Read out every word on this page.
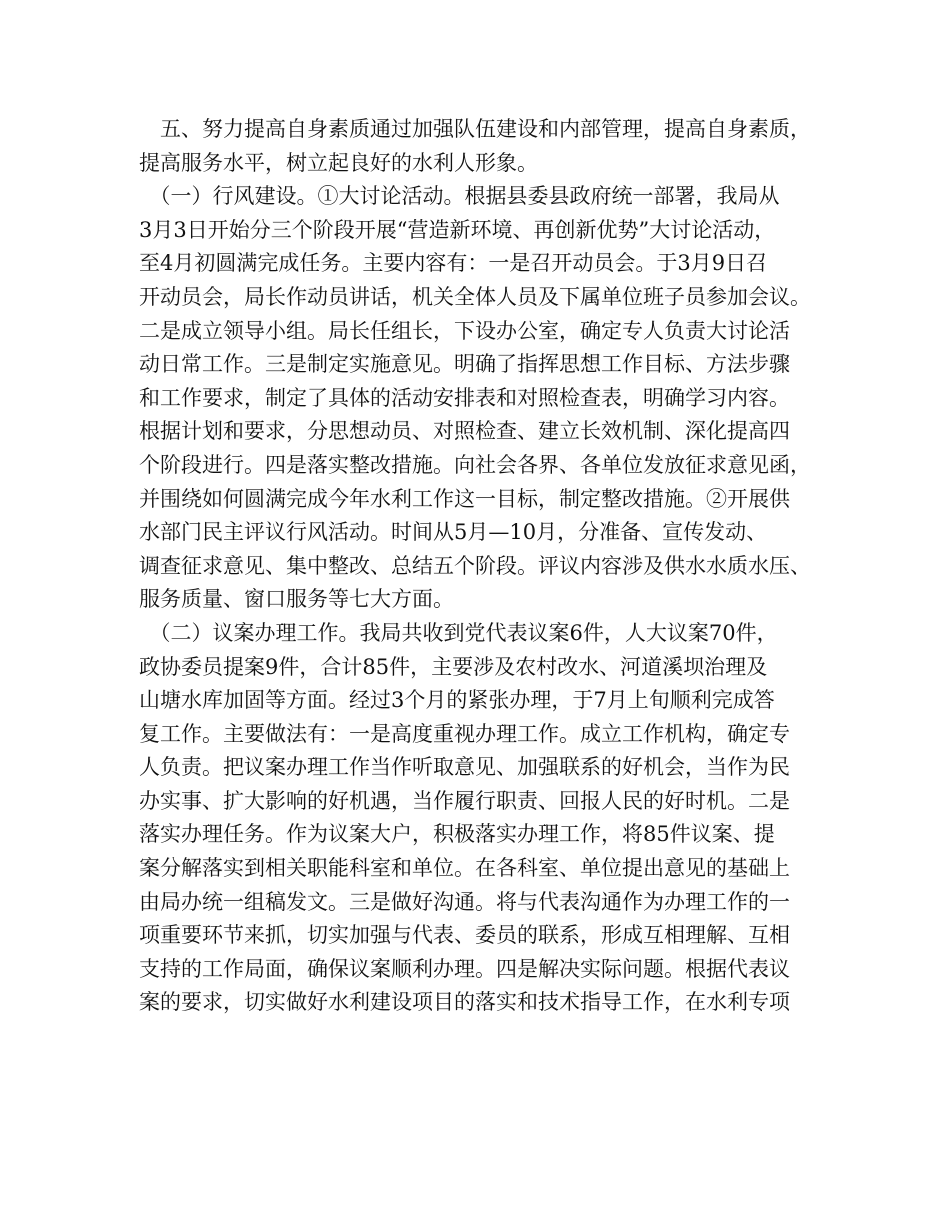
　五、努力提高自身素质通过加强队伍建设和内部管理，提高自身素质，
提高服务水平，树立起良好的水利人形象。
　（一）行风建设。①大讨论活动。根据县委县政府统一部署，我局从
3月3日开始分三个阶段开展“营造新环境、再创新优势”大讨论活动，
至4月初圆满完成任务。主要内容有：一是召开动员会。于3月9日召
开动员会，局长作动员讲话，机关全体人员及下属单位班子员参加会议。
二是成立领导小组。局长任组长，下设办公室，确定专人负责大讨论活
动日常工作。三是制定实施意见。明确了指挥思想工作目标、方法步骤
和工作要求，制定了具体的活动安排表和对照检查表，明确学习内容。
根据计划和要求，分思想动员、对照检查、建立长效机制、深化提高四
个阶段进行。四是落实整改措施。向社会各界、各单位发放征求意见函，
并围绕如何圆满完成今年水利工作这一目标，制定整改措施。②开展供
水部门民主评议行风活动。时间从5月—10月，分准备、宣传发动、
调查征求意见、集中整改、总结五个阶段。评议内容涉及供水水质水压、
服务质量、窗口服务等七大方面。
　（二）议案办理工作。我局共收到党代表议案6件，人大议案70件，
政协委员提案9件，合计85件，主要涉及农村改水、河道溪坝治理及
山塘水库加固等方面。经过3个月的紧张办理，于7月上旬顺利完成答
复工作。主要做法有：一是高度重视办理工作。成立工作机构，确定专
人负责。把议案办理工作当作听取意见、加强联系的好机会，当作为民
办实事、扩大影响的好机遇，当作履行职责、回报人民的好时机。二是
落实办理任务。作为议案大户，积极落实办理工作，将85件议案、提
案分解落实到相关职能科室和单位。在各科室、单位提出意见的基础上
由局办统一组稿发文。三是做好沟通。将与代表沟通作为办理工作的一
项重要环节来抓，切实加强与代表、委员的联系，形成互相理解、互相
支持的工作局面，确保议案顺利办理。四是解决实际问题。根据代表议
案的要求，切实做好水利建设项目的落实和技术指导工作，在水利专项
